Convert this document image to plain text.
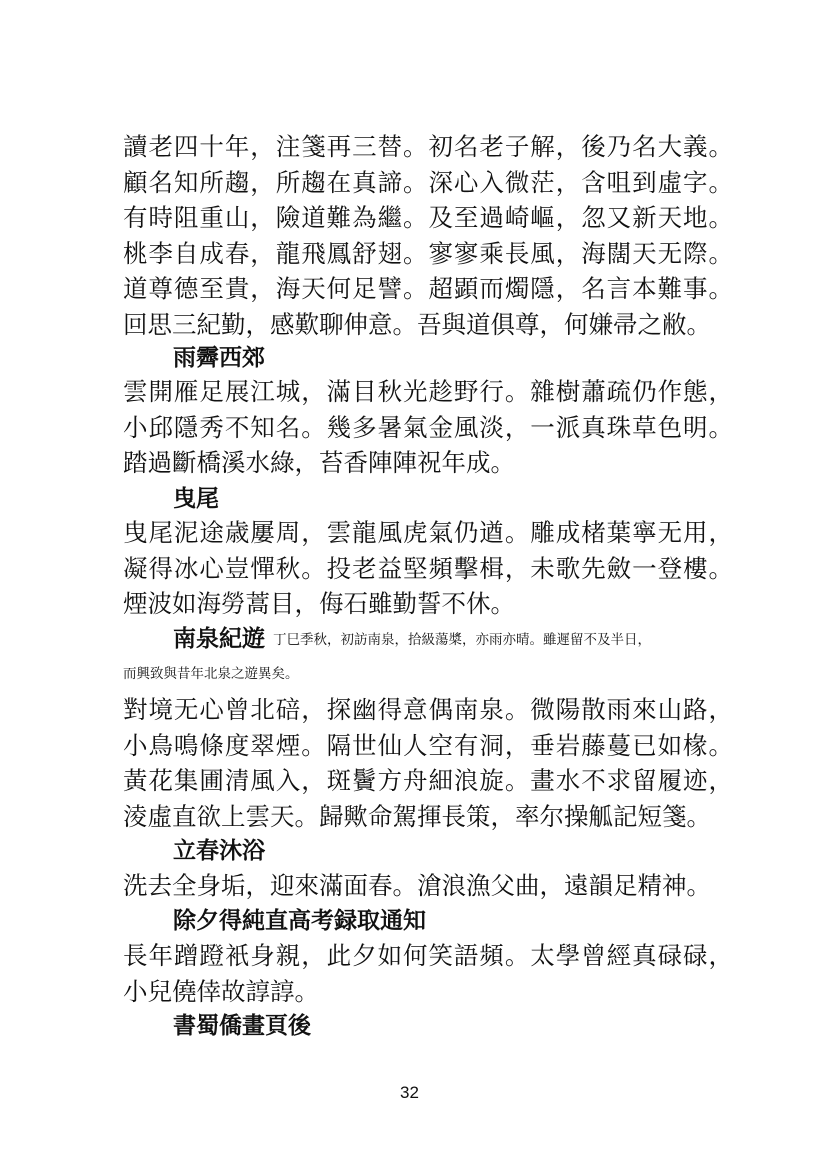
讀老四十年，注箋再三替。初名老子解，後乃名大義。顧名知所趨，所趨在真諦。深心入微茫，含咀到虛字。有時阻重山，險道難為繼。及至過崎嶇，忽又新天地。桃李自成春，龍飛鳳舒翅。寥寥乘長風，海闊天无際。道尊德至貴，海天何足譬。超顕而燭隱，名言本難事。回思三紀勤，感歎聊伸意。吾與道俱尊，何嫌帚之敝。

雨霽西郊

雲開雁足展江城，滿目秋光趁野行。雜樹蕭疏仍作態，小邱隱秀不知名。幾多暑氣金風淡，一派真珠草色明。踏過斷橋溪水綠，苔香陣陣祝年成。

曳尾

曳尾泥途歳屢周，雲龍風虎氣仍遒。雕成楮葉寧无用，凝得冰心豈憚秋。投老益堅頻擊楫，未歌先斂一登樓。煙波如海勞蒿目，侮石雖勤誓不休。

南泉紀遊 丁巳季秋，初訪南泉，拾級蕩槳，亦雨亦晴。雖遲留不及半日，
而興致與昔年北泉之遊異矣。

對境无心曾北碚，探幽得意偶南泉。微陽散雨來山路，小鳥鳴條度翠煙。隔世仙人空有洞，垂岩藤蔓已如椽。黃花集圃清風入，斑鬢方舟細浪旋。畫水不求留履迹，淩虛直欲上雲天。歸歟命駕揮長策，率尔操觚記短箋。

立春沐浴

洗去全身垢，迎來滿面春。滄浪漁父曲，遠韻足精神。

除夕得純直高考録取通知

長年蹭蹬衹身親，此夕如何笑語頻。太學曾經真碌碌，小兒僥倖故諄諄。

書蜀僑畫頁後
32
